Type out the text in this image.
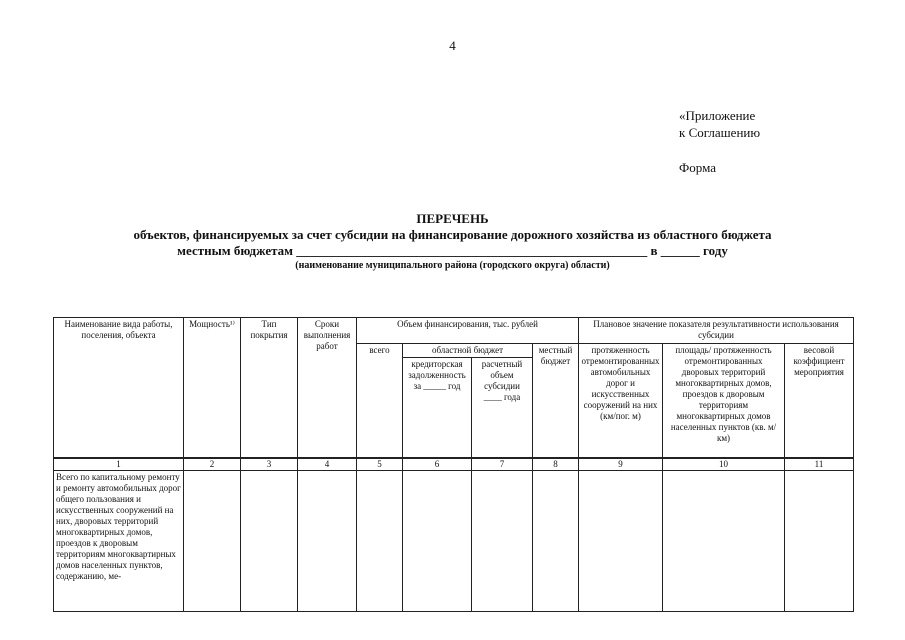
4
«Приложение
к Соглашению
Форма
ПЕРЕЧЕНЬ
объектов, финансируемых за счет субсидии на финансирование дорожного хозяйства из областного бюджета
местным бюджетам ______________________________________________________ в ______ году
(наименование муниципального района (городского округа) области)
Наименование вида работы, поселения, объекта	Мощность¹⁾	Тип покрытия	Сроки выполнения работ	Объем финансирования, тыс. рублей				Плановое значение показателя результативности использования субсидии		
				всего	областной бюджет		местный бюджет	протяженность отремонтированных автомобильных дорог и искусственных сооружений на них (км/пог. м)	площадь/ протяженность отремонтированных дворовых территорий многоквартирных домов, проездов к дворовым территориям многоквартирных домов населенных пунктов (кв. м/км)	весовой коэффициент мероприятия
					кредиторская задолженность за _____ год	расчетный объем субсидии ____ года				
1	2	3	4	5	6	7	8	9	10	11
Всего по капитальному ремонту и ремонту автомобильных дорог общего пользования и искусственных сооружений на них, дворовых территорий многоквартирных домов, проездов к дворовым территориям многоквартирных домов населенных пунктов, содержанию, ме-										
